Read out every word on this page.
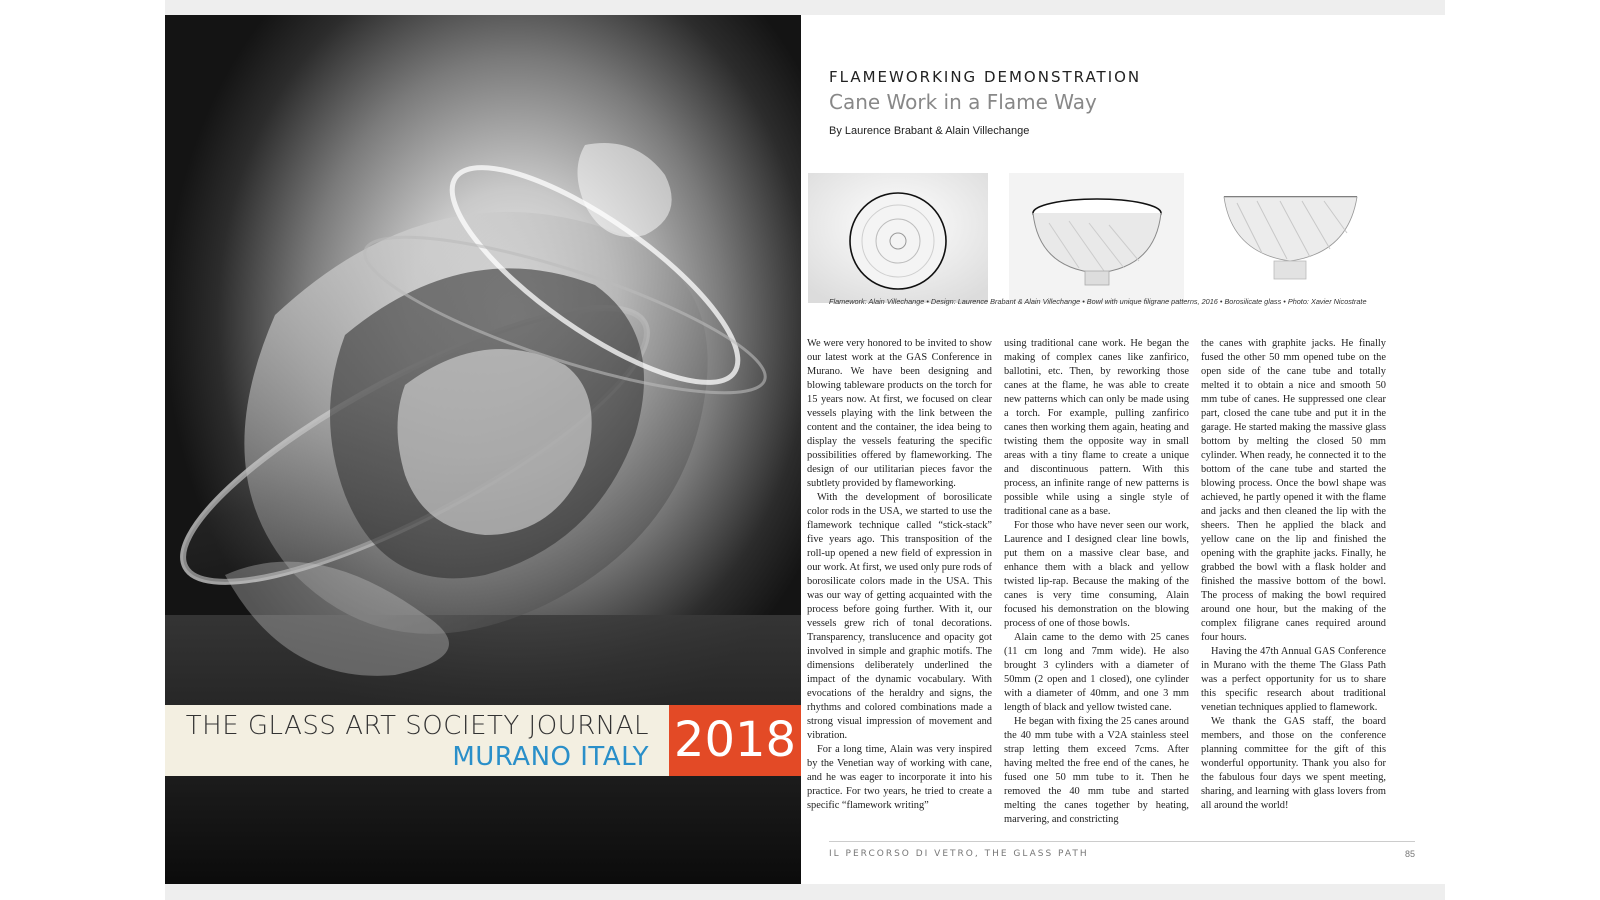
THE GLASS ART SOCIETY JOURNAL
MURANO ITALY 2018
FLAMEWORKING DEMONSTRATION
Cane Work in a Flame Way
By Laurence Brabant & Alain Villechange
Flamework: Alain Villechange • Design: Laurence Brabant & Alain Villechange • Bowl with unique filigrane patterns, 2016 • Borosilicate glass • Photo: Xavier Nicostrate

We were very honored to be invited to show our latest work at the GAS Conference in Murano. We have been designing and blowing tableware products on the torch for 15 years now. At first, we focused on clear vessels playing with the link between the content and the container, the idea being to display the vessels featuring the specific possibilities offered by flameworking. The design of our utilitarian pieces favor the subtlety provided by flameworking.

With the development of borosilicate color rods in the USA, we started to use the flamework technique called “stick-stack” five years ago. This transposition of the roll-up opened a new field of expression in our work. At first, we used only pure rods of borosilicate colors made in the USA. This was our way of getting acquainted with the process before going further. With it, our vessels grew rich of tonal decorations. Transparency, translucence and opacity got involved in simple and graphic motifs. The dimensions deliberately underlined the impact of the dynamic vocabulary. With evocations of the heraldry and signs, the rhythms and colored combinations made a strong visual impression of movement and vibration.

For a long time, Alain was very inspired by the Venetian way of working with cane, and he was eager to incorporate it into his practice. For two years, he tried to create a specific “flamework writing”

using traditional cane work. He began the making of complex canes like zanfirico, ballotini, etc. Then, by reworking those canes at the flame, he was able to create new patterns which can only be made using a torch. For example, pulling zanfirico canes then working them again, heating and twisting them the opposite way in small areas with a tiny flame to create a unique and discontinuous pattern. With this process, an infinite range of new patterns is possible while using a single style of traditional cane as a base.

For those who have never seen our work, Laurence and I designed clear line bowls, put them on a massive clear base, and enhance them with a black and yellow twisted lip-rap. Because the making of the canes is very time consuming, Alain focused his demonstration on the blowing process of one of those bowls.

Alain came to the demo with 25 canes (11 cm long and 7mm wide). He also brought 3 cylinders with a diameter of 50mm (2 open and 1 closed), one cylinder with a diameter of 40mm, and one 3 mm length of black and yellow twisted cane.

He began with fixing the 25 canes around the 40 mm tube with a V2A stainless steel strap letting them exceed 7cms. After having melted the free end of the canes, he fused one 50 mm tube to it. Then he removed the 40 mm tube and started melting the canes together by heating, marvering, and constricting

the canes with graphite jacks. He finally fused the other 50 mm opened tube on the open side of the cane tube and totally melted it to obtain a nice and smooth 50 mm tube of canes. He suppressed one clear part, closed the cane tube and put it in the garage. He started making the massive glass bottom by melting the closed 50 mm cylinder. When ready, he connected it to the bottom of the cane tube and started the blowing process. Once the bowl shape was achieved, he partly opened it with the flame and jacks and then cleaned the lip with the sheers. Then he applied the black and yellow cane on the lip and finished the opening with the graphite jacks. Finally, he grabbed the bowl with a flask holder and finished the massive bottom of the bowl. The process of making the bowl required around one hour, but the making of the complex filigrane canes required around four hours.

Having the 47th Annual GAS Conference in Murano with the theme The Glass Path was a perfect opportunity for us to share this specific research about traditional venetian techniques applied to flamework.

We thank the GAS staff, the board members, and those on the conference planning committee for the gift of this wonderful opportunity. Thank you also for the fabulous four days we spent meeting, sharing, and learning with glass lovers from all around the world!

IL PERCORSO DI VETRO, THE GLASS PATH	85
